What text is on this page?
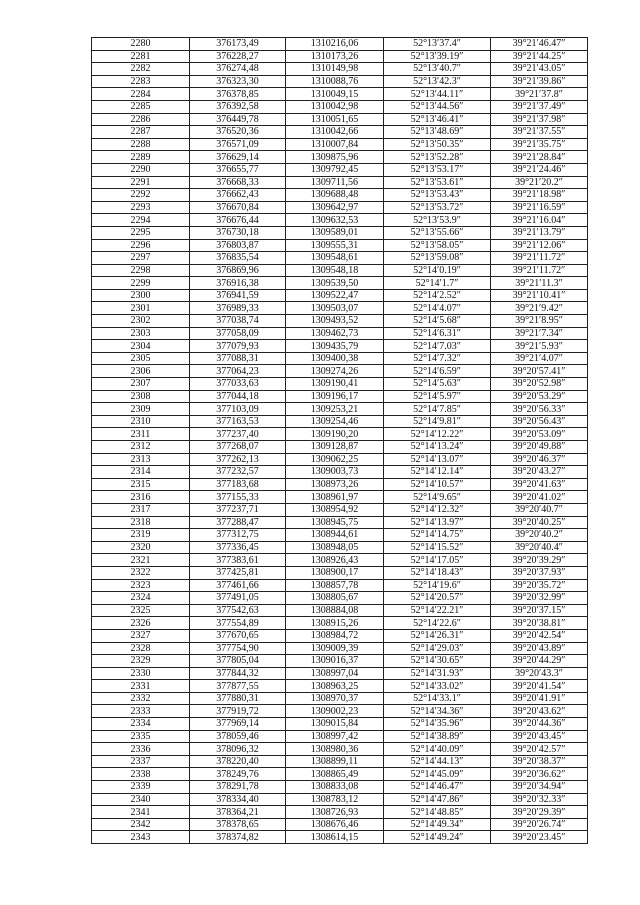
2280	376173,49	1310216,06	52°13′37.4″	39°21′46.47″
2281	376228,27	1310173,26	52°13′39.19″	39°21′44.25″
2282	376274,48	1310149,98	52°13′40.7″	39°21′43.05″
2283	376323,30	1310088,76	52°13′42.3″	39°21′39.86″
2284	376378,85	1310049,15	52°13′44.11″	39°21′37.8″
2285	376392,58	1310042,98	52°13′44.56″	39°21′37.49″
2286	376449,78	1310051,65	52°13′46.41″	39°21′37.98″
2287	376520,36	1310042,66	52°13′48.69″	39°21′37.55″
2288	376571,09	1310007,84	52°13′50.35″	39°21′35.75″
2289	376629,14	1309875,96	52°13′52.28″	39°21′28.84″
2290	376655,77	1309792,45	52°13′53.17″	39°21′24.46″
2291	376668,33	1309711,56	52°13′53.61″	39°21′20.2″
2292	376662,43	1309688,48	52°13′53.43″	39°21′18.98″
2293	376670,84	1309642,97	52°13′53.72″	39°21′16.59″
2294	376676,44	1309632,53	52°13′53.9″	39°21′16.04″
2295	376730,18	1309589,01	52°13′55.66″	39°21′13.79″
2296	376803,87	1309555,31	52°13′58.05″	39°21′12.06″
2297	376835,54	1309548,61	52°13′59.08″	39°21′11.72″
2298	376869,96	1309548,18	52°14′0.19″	39°21′11.72″
2299	376916,38	1309539,50	52°14′1.7″	39°21′11.3″
2300	376941,59	1309522,47	52°14′2.52″	39°21′10.41″
2301	376989,33	1309503,07	52°14′4.07″	39°21′9.42″
2302	377038,74	1309493,52	52°14′5.68″	39°21′8.95″
2303	377058,09	1309462,73	52°14′6.31″	39°21′7.34″
2304	377079,93	1309435,79	52°14′7.03″	39°21′5.93″
2305	377088,31	1309400,38	52°14′7.32″	39°21′4.07″
2306	377064,23	1309274,26	52°14′6.59″	39°20′57.41″
2307	377033,63	1309190,41	52°14′5.63″	39°20′52.98″
2308	377044,18	1309196,17	52°14′5.97″	39°20′53.29″
2309	377103,09	1309253,21	52°14′7.85″	39°20′56.33″
2310	377163,53	1309254,46	52°14′9.81″	39°20′56.43″
2311	377237,40	1309190,20	52°14′12.22″	39°20′53.09″
2312	377268,07	1309128,87	52°14′13.24″	39°20′49.88″
2313	377262,13	1309062,25	52°14′13.07″	39°20′46.37″
2314	377232,57	1309003,73	52°14′12.14″	39°20′43.27″
2315	377183,68	1308973,26	52°14′10.57″	39°20′41.63″
2316	377155,33	1308961,97	52°14′9.65″	39°20′41.02″
2317	377237,71	1308954,92	52°14′12.32″	39°20′40.7″
2318	377288,47	1308945,75	52°14′13.97″	39°20′40.25″
2319	377312,75	1308944,61	52°14′14.75″	39°20′40.2″
2320	377336,45	1308948,05	52°14′15.52″	39°20′40.4″
2321	377383,61	1308926,43	52°14′17.05″	39°20′39.29″
2322	377425,81	1308900,17	52°14′18.43″	39°20′37.93″
2323	377461,66	1308857,78	52°14′19.6″	39°20′35.72″
2324	377491,05	1308805,67	52°14′20.57″	39°20′32.99″
2325	377542,63	1308884,08	52°14′22.21″	39°20′37.15″
2326	377554,89	1308915,26	52°14′22.6″	39°20′38.81″
2327	377670,65	1308984,72	52°14′26.31″	39°20′42.54″
2328	377754,90	1309009,39	52°14′29.03″	39°20′43.89″
2329	377805,04	1309016,37	52°14′30.65″	39°20′44.29″
2330	377844,32	1308997,04	52°14′31.93″	39°20′43.3″
2331	377877,55	1308963,25	52°14′33.02″	39°20′41.54″
2332	377880,31	1308970,37	52°14′33.1″	39°20′41.91″
2333	377919,72	1309002,23	52°14′34.36″	39°20′43.62″
2334	377969,14	1309015,84	52°14′35.96″	39°20′44.36″
2335	378059,46	1308997,42	52°14′38.89″	39°20′43.45″
2336	378096,32	1308980,36	52°14′40.09″	39°20′42.57″
2337	378220,40	1308899,11	52°14′44.13″	39°20′38.37″
2338	378249,76	1308865,49	52°14′45.09″	39°20′36.62″
2339	378291,78	1308833,08	52°14′46.47″	39°20′34.94″
2340	378334,40	1308783,12	52°14′47.86″	39°20′32.33″
2341	378364,21	1308726,93	52°14′48.85″	39°20′29.39″
2342	378378,65	1308676,46	52°14′49.34″	39°20′26.74″
2343	378374,82	1308614,15	52°14′49.24″	39°20′23.45″
